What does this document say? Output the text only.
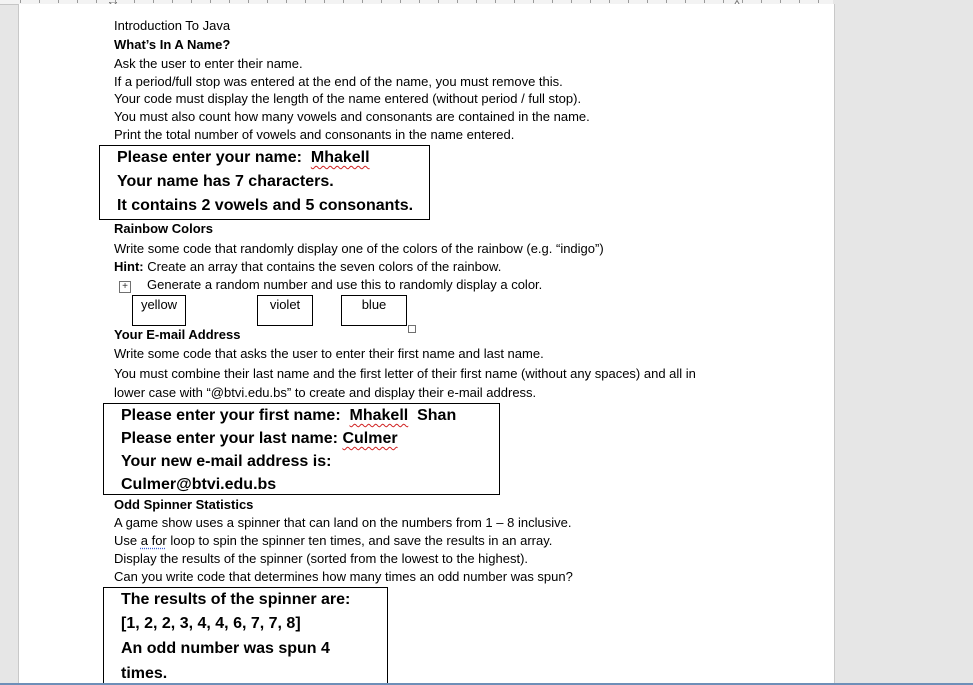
Introduction To Java
What’s In A Name?
Ask the user to enter their name.
If a period/full stop was entered at the end of the name, you must remove this.
Your code must display the length of the name entered (without period / full stop).
You must also count how many vowels and consonants are contained in the name.
Print the total number of vowels and consonants in the name entered.
Please enter your name: Mhakell
Your name has 7 characters.
It contains 2 vowels and 5 consonants.
Rainbow Colors
Write some code that randomly display one of the colors of the rainbow (e.g. “indigo”)
Hint: Create an array that contains the seven colors of the rainbow.
Generate a random number and use this to randomly display a color.
+
yellow	violet	blue
Your E-mail Address
Write some code that asks the user to enter their first name and last name.
You must combine their last name and the first letter of their first name (without any spaces) and all in
lower case with “@btvi.edu.bs” to create and display their e-mail address.
Please enter your first name: Mhakell Shan
Please enter your last name: Culmer
Your new e-mail address is:
Culmer@btvi.edu.bs
Odd Spinner Statistics
A game show uses a spinner that can land on the numbers from 1 – 8 inclusive.
Use a for loop to spin the spinner ten times, and save the results in an array.
Display the results of the spinner (sorted from the lowest to the highest).
Can you write code that determines how many times an odd number was spun?
The results of the spinner are:
[1, 2, 2, 3, 4, 4, 6, 7, 7, 8]
An odd number was spun 4
times.
